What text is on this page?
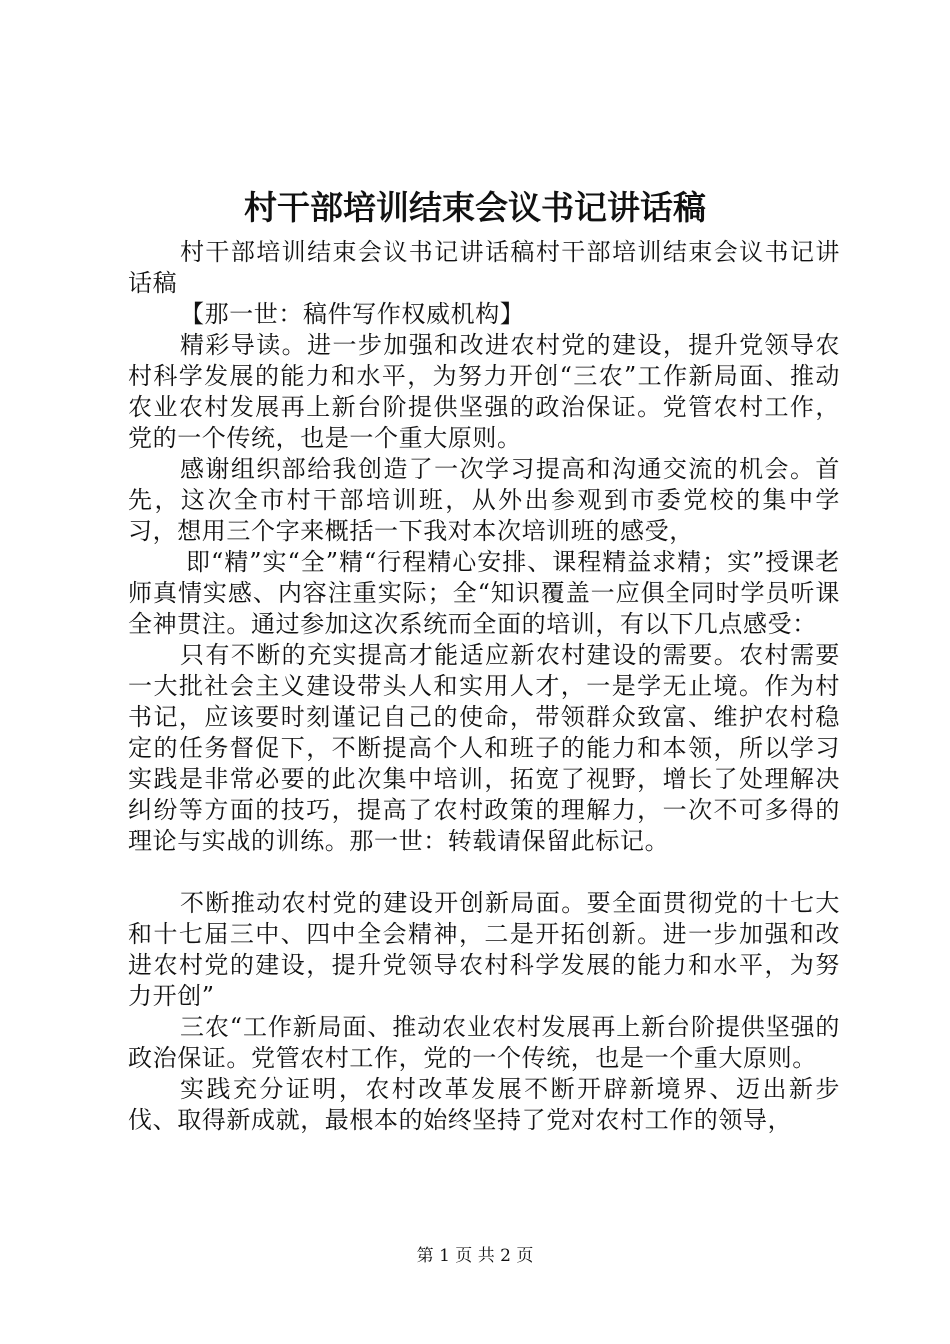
村干部培训结束会议书记讲话稿

村干部培训结束会议书记讲话稿村干部培训结束会议书记讲话稿

【那一世：稿件写作权威机构】

精彩导读。进一步加强和改进农村党的建设，提升党领导农村科学发展的能力和水平，为努力开创“三农”工作新局面、推动农业农村发展再上新台阶提供坚强的政治保证。党管农村工作，党的一个传统，也是一个重大原则。

感谢组织部给我创造了一次学习提高和沟通交流的机会。首先，这次全市村干部培训班，从外出参观到市委党校的集中学习，想用三个字来概括一下我对本次培训班的感受，

即“精”实“全”精“行程精心安排、课程精益求精；实”授课老师真情实感、内容注重实际；全“知识覆盖一应俱全同时学员听课全神贯注。通过参加这次系统而全面的培训，有以下几点感受：

只有不断的充实提高才能适应新农村建设的需要。农村需要一大批社会主义建设带头人和实用人才，一是学无止境。作为村书记，应该要时刻谨记自己的使命，带领群众致富、维护农村稳定的任务督促下，不断提高个人和班子的能力和本领，所以学习实践是非常必要的此次集中培训，拓宽了视野，增长了处理解决纠纷等方面的技巧，提高了农村政策的理解力，一次不可多得的理论与实战的训练。那一世：转载请保留此标记。

不断推动农村党的建设开创新局面。要全面贯彻党的十七大和十七届三中、四中全会精神，二是开拓创新。进一步加强和改进农村党的建设，提升党领导农村科学发展的能力和水平，为努力开创”

三农“工作新局面、推动农业农村发展再上新台阶提供坚强的政治保证。党管农村工作，党的一个传统，也是一个重大原则。

实践充分证明，农村改革发展不断开辟新境界、迈出新步伐、取得新成就，最根本的始终坚持了党对农村工作的领导，

第 1 页 共 2 页
